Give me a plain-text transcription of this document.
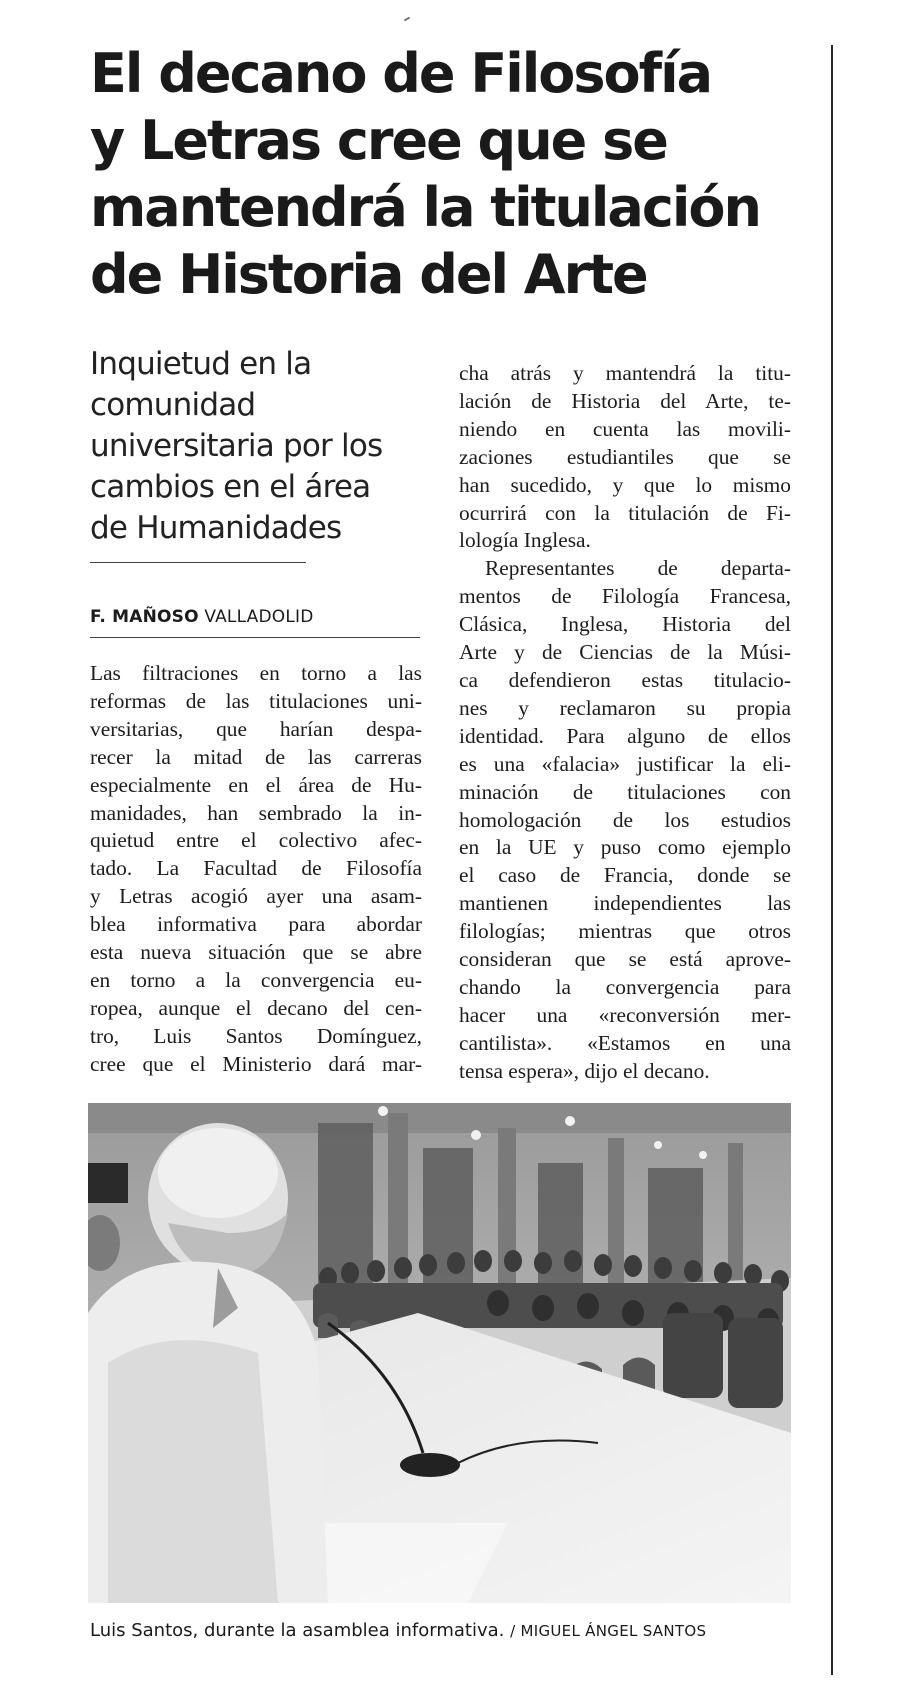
El decano de Filosofía
y Letras cree que se
mantendrá la titulación
de Historia del Arte
Inquietud en la
comunidad
universitaria por los
cambios en el área
de Humanidades
F. MAÑOSO VALLADOLID
Las filtraciones en torno a las
reformas de las titulaciones uni-
versitarias, que harían despa-
recer la mitad de las carreras
especialmente en el área de Hu-
manidades, han sembrado la in-
quietud entre el colectivo afec-
tado. La Facultad de Filosofía
y Letras acogió ayer una asam-
blea informativa para abordar
esta nueva situación que se abre
en torno a la convergencia eu-
ropea, aunque el decano del cen-
tro, Luis Santos Domínguez,
cree que el Ministerio dará mar-
cha atrás y mantendrá la titu-
lación de Historia del Arte, te-
niendo en cuenta las movili-
zaciones estudiantiles que se
han sucedido, y que lo mismo
ocurrirá con la titulación de Fi-
lología Inglesa.
Representantes de departa-
mentos de Filología Francesa,
Clásica, Inglesa, Historia del
Arte y de Ciencias de la Músi-
ca defendieron estas titulacio-
nes y reclamaron su propia
identidad. Para alguno de ellos
es una «falacia» justificar la eli-
minación de titulaciones con
homologación de los estudios
en la UE y puso como ejemplo
el caso de Francia, donde se
mantienen independientes las
filologías; mientras que otros
consideran que se está aprove-
chando la convergencia para
hacer una «reconversión mer-
cantilista». «Estamos en una
tensa espera», dijo el decano.
Luis Santos, durante la asamblea informativa. / MIGUEL ÁNGEL SANTOS
